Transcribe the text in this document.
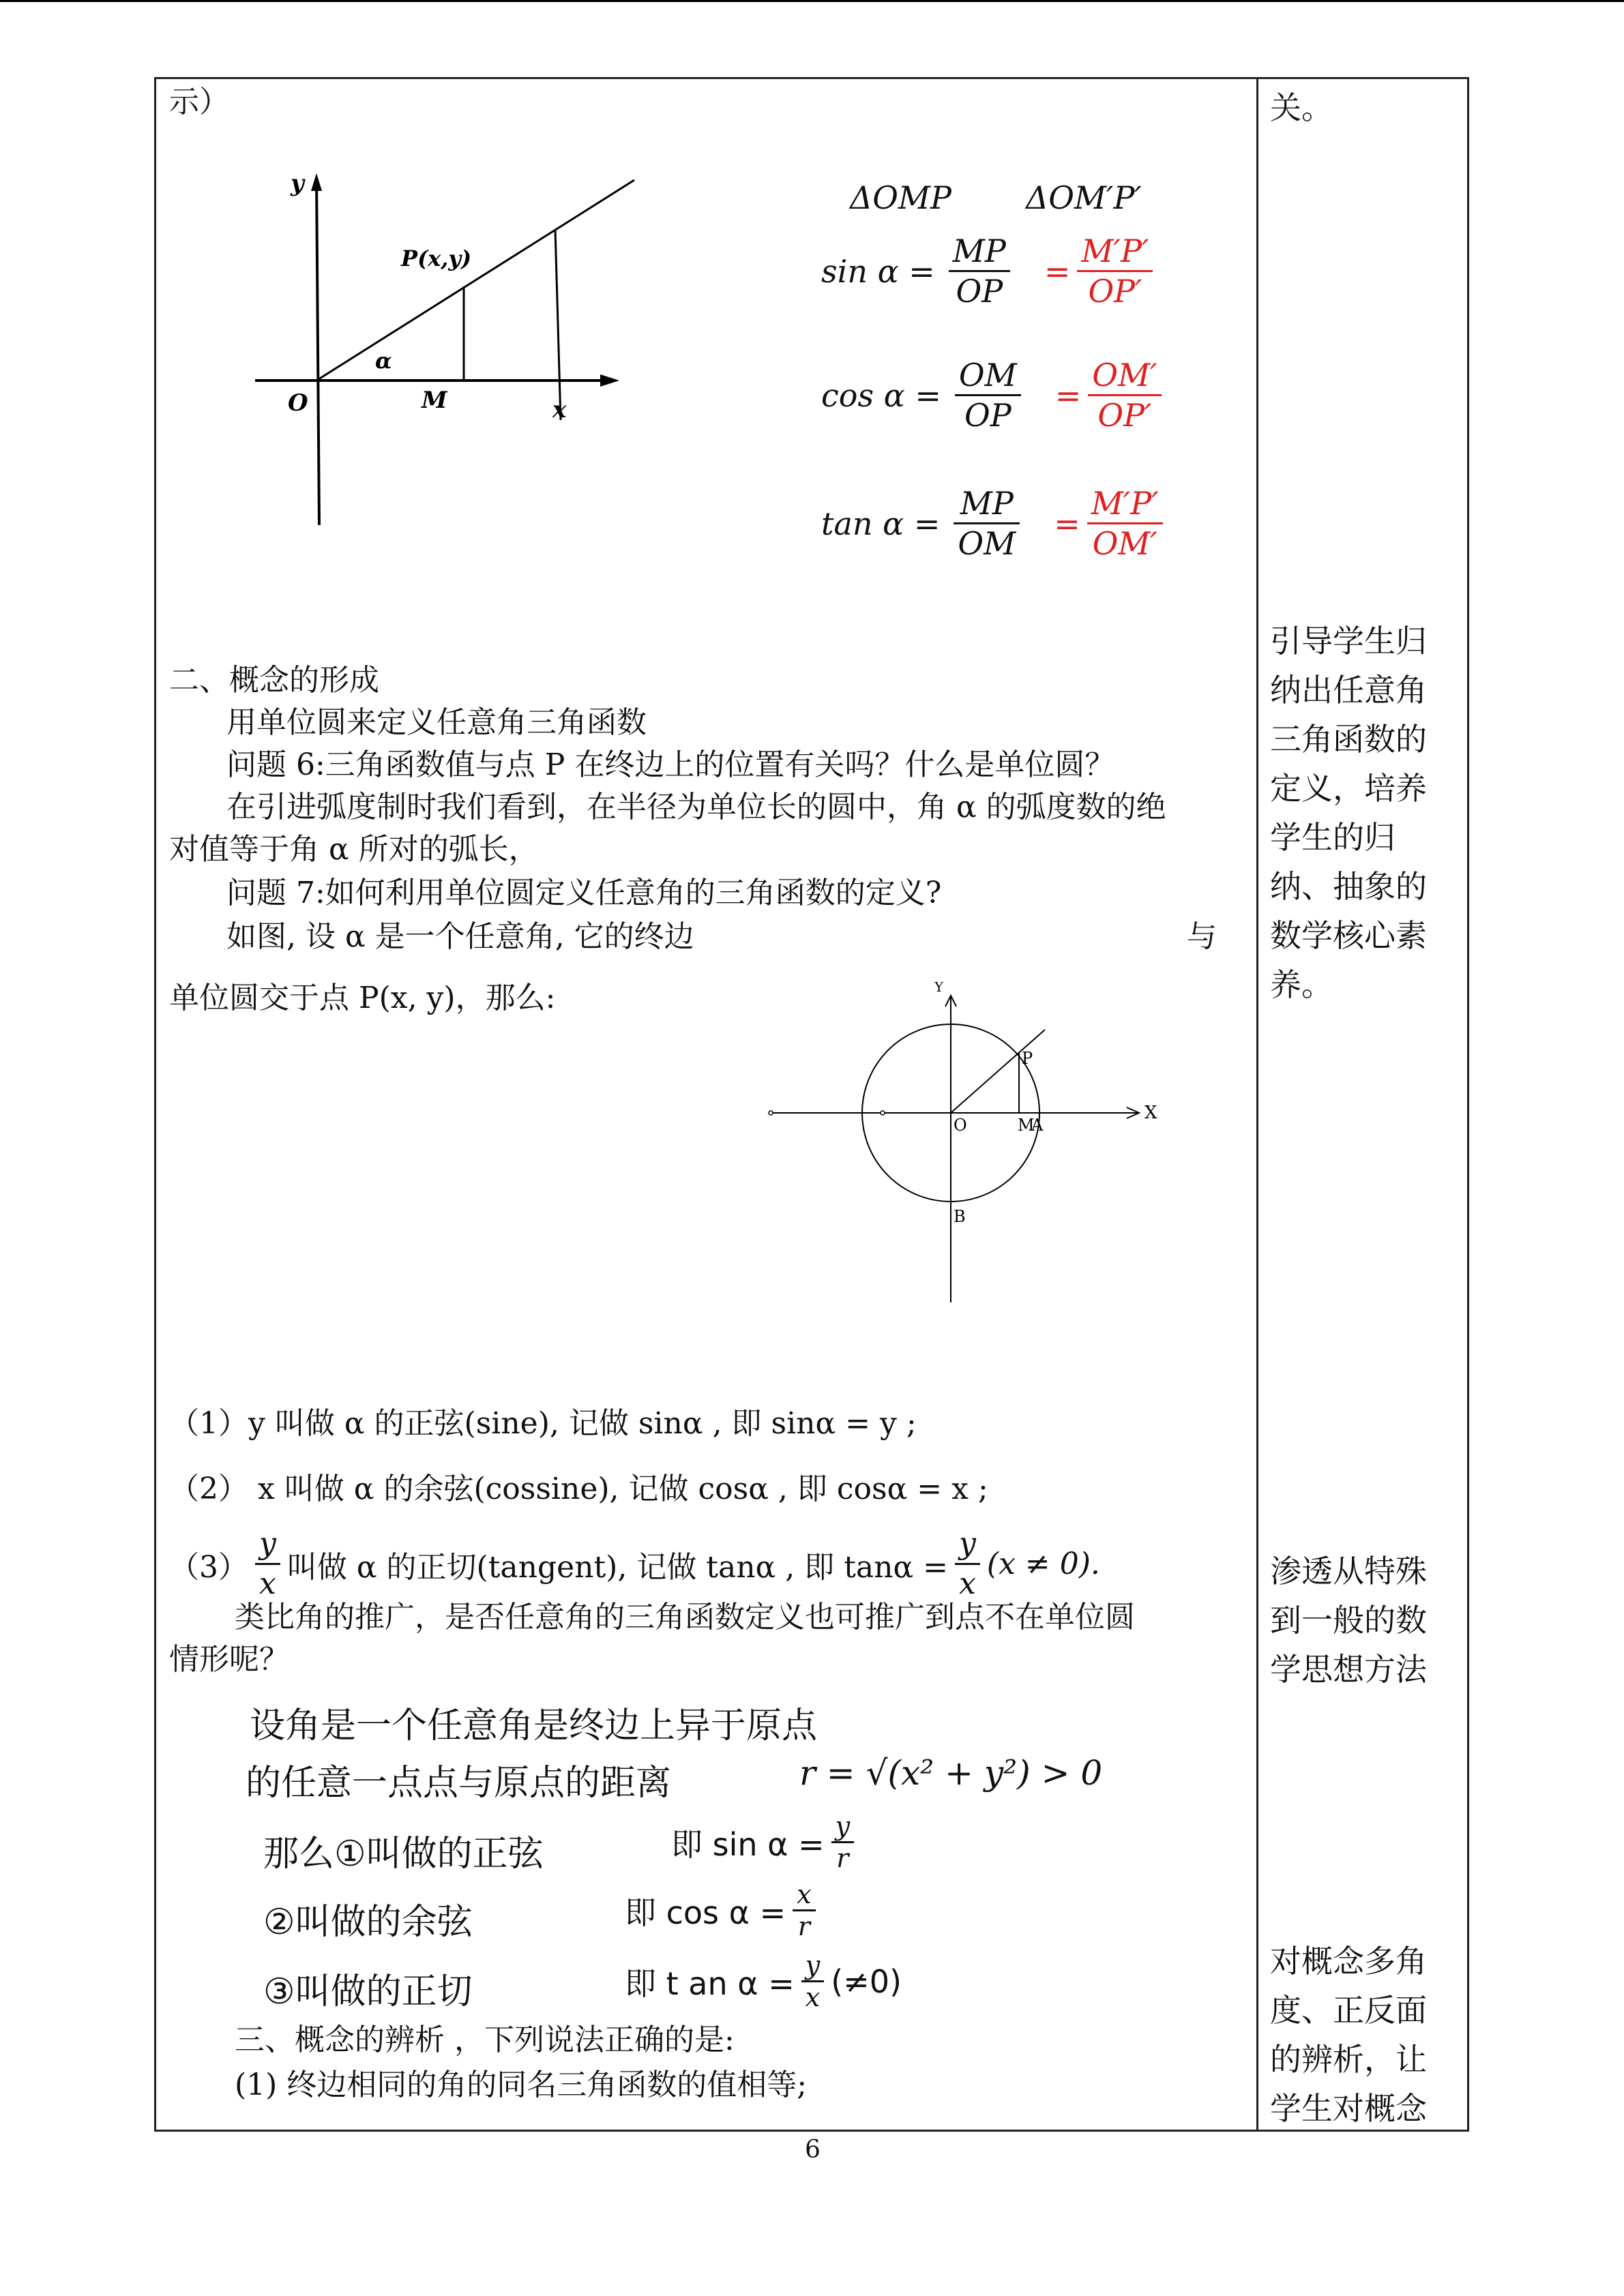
示）
y
P(x,y)
α
O	M	x
ΔOMP ΔOM′P′
$\sin \alpha = \frac{MP}{OP} = \frac{M'P'}{OP'}$
$\cos \alpha = \frac{OM}{OP} = \frac{OM'}{OP'}$
$\tan \alpha = \frac{MP}{OM} = \frac{M'P'}{OM'}$
二、概念的形成
用单位圆来定义任意角三角函数
问题 6:三角函数值与点 P 在终边上的位置有关吗？什么是单位圆？
在引进弧度制时我们看到，在半径为单位长的圆中，角 α 的弧度数的绝
对值等于角 α 所对的弧长，
问题 7:如何利用单位圆定义任意角的三角函数的定义?
如图, 设 α 是一个任意角, 它的终边	与
单位圆交于点 P(x, y)，那么:	Y
X
O	M
A
P
B
（1）y 叫做 α 的正弦(sine), 记做 sinα , 即 sinα = y ;
（2） x 叫做 α 的余弦(cossine), 记做 cosα , 即 cosα = x ;
$(3) \frac{y}{x}$ 叫做 α 的正切(tangent), 记做 tanα , 即 $\tan\alpha = \frac{y}{x} (x \ne 0)$.
类比角的推广，是否任意角的三角函数定义也可推广到点不在单位圆
情形呢？
设角是一个任意角是终边上异于原点
的任意一点点与原点的距离	r = √(x² + y²) > 0
那么①叫做的正弦	即 $\sin \alpha = \frac{y}{r}$
②叫做的余弦	即 $\cos \alpha = \frac{x}{r}$
③叫做的正切	即 t an $\alpha = \frac{y}{x} (\ne 0)$
三、概念的辨析 ，下列说法正确的是:
(1) 终边相同的角的同名三角函数的值相等;
关。
引导学生归纳出任意角三角函数的定义，培养学生的归纳、抽象的数学核心素养。
渗透从特殊到一般的数学思想方法
对概念多角度、正反面的辨析，让学生对概念
6
